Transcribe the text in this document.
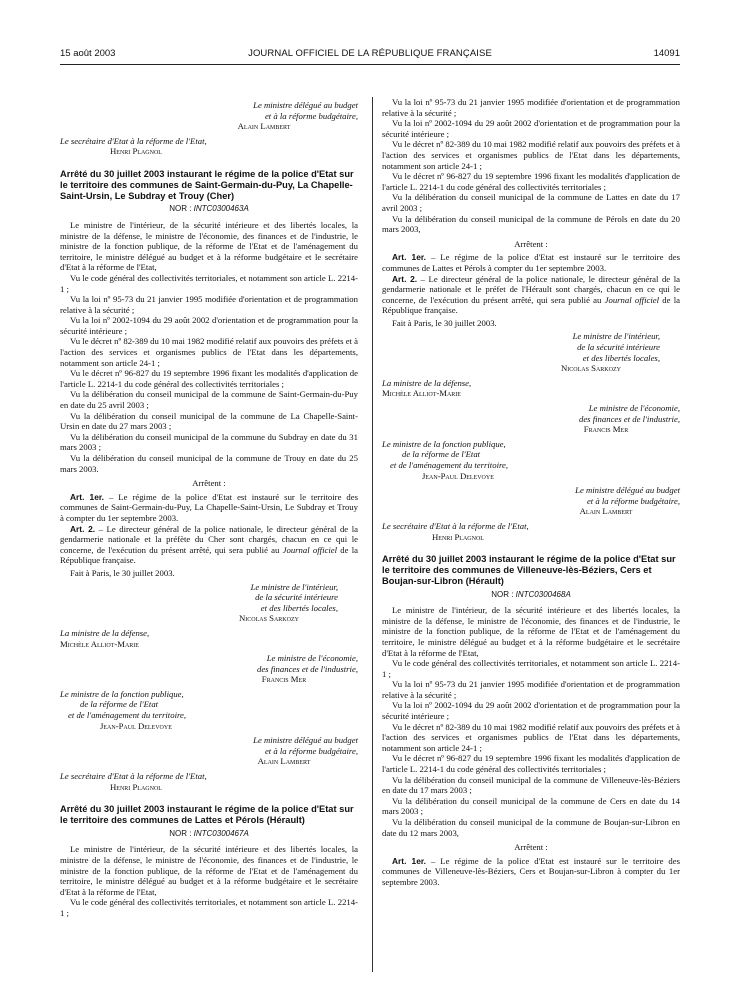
15 août 2003	JOURNAL OFFICIEL DE LA RÉPUBLIQUE FRANÇAISE	14091

Le ministre délégué au budget

et à la réforme budgétaire,

Alain Lambert

Le secrétaire d'Etat à la réforme de l'Etat,

Henri Plagnol

Arrêté du 30 juillet 2003 instaurant le régime de la police d'Etat sur le territoire des communes de Saint-Germain-du-Puy, La Chapelle-Saint-Ursin, Le Subdray et Trouy (Cher)

NOR : INTC0300463A

Le ministre de l'intérieur, de la sécurité intérieure et des libertés locales, la ministre de la défense, le ministre de l'économie, des finances et de l'industrie, le ministre de la fonction publique, de la réforme de l'Etat et de l'aménagement du territoire, le ministre délégué au budget et à la réforme budgétaire et le secrétaire d'Etat à la réforme de l'Etat,

Vu le code général des collectivités territoriales, et notamment son article L. 2214-1 ;

Vu la loi nº 95-73 du 21 janvier 1995 modifiée d'orientation et de programmation relative à la sécurité ;

Vu la loi nº 2002-1094 du 29 août 2002 d'orientation et de programmation pour la sécurité intérieure ;

Vu le décret nº 82-389 du 10 mai 1982 modifié relatif aux pouvoirs des préfets et à l'action des services et organismes publics de l'Etat dans les départements, notamment son article 24-1 ;

Vu le décret nº 96-827 du 19 septembre 1996 fixant les modalités d'application de l'article L. 2214-1 du code général des collectivités territoriales ;

Vu la délibération du conseil municipal de la commune de Saint-Germain-du-Puy en date du 25 avril 2003 ;

Vu la délibération du conseil municipal de la commune de La Chapelle-Saint-Ursin en date du 27 mars 2003 ;

Vu la délibération du conseil municipal de la commune du Subdray en date du 31 mars 2003 ;

Vu la délibération du conseil municipal de la commune de Trouy en date du 25 mars 2003.

Arrêtent :

Art. 1er. – Le régime de la police d'Etat est instauré sur le territoire des communes de Saint-Germain-du-Puy, La Chapelle-Saint-Ursin, Le Subdray et Trouy à compter du 1er septembre 2003.

Art. 2. – Le directeur général de la police nationale, le directeur général de la gendarmerie nationale et la préfète du Cher sont chargés, chacun en ce qui le concerne, de l'exécution du présent arrêté, qui sera publié au Journal officiel de la République française.

Fait à Paris, le 30 juillet 2003.

Le ministre de l'intérieur,

de la sécurité intérieure

et des libertés locales,

Nicolas Sarkozy

La ministre de la défense,

Michèle Alliot-Marie

Le ministre de l'économie,

des finances et de l'industrie,

Francis Mer

Le ministre de la fonction publique,

de la réforme de l'Etat

et de l'aménagement du territoire,

Jean-Paul Delevoye

Le ministre délégué au budget

et à la réforme budgétaire,

Alain Lambert

Le secrétaire d'Etat à la réforme de l'Etat,

Henri Plagnol

Arrêté du 30 juillet 2003 instaurant le régime de la police d'Etat sur le territoire des communes de Lattes et Pérols (Hérault)

NOR : INTC0300467A

Le ministre de l'intérieur, de la sécurité intérieure et des libertés locales, la ministre de la défense, le ministre de l'économie, des finances et de l'industrie, le ministre de la fonction publique, de la réforme de l'Etat et de l'aménagement du territoire, le ministre délégué au budget et à la réforme budgétaire et le secrétaire d'Etat à la réforme de l'Etat,

Vu le code général des collectivités territoriales, et notamment son article L. 2214-1 ;

Vu la loi nº 95-73 du 21 janvier 1995 modifiée d'orientation et de programmation relative à la sécurité ;

Vu la loi nº 2002-1094 du 29 août 2002 d'orientation et de programmation pour la sécurité intérieure ;

Vu le décret nº 82-389 du 10 mai 1982 modifié relatif aux pouvoirs des préfets et à l'action des services et organismes publics de l'Etat dans les départements, notamment son article 24-1 ;

Vu le décret nº 96-827 du 19 septembre 1996 fixant les modalités d'application de l'article L. 2214-1 du code général des collectivités territoriales ;

Vu la délibération du conseil municipal de la commune de Lattes en date du 17 avril 2003 ;

Vu la délibération du conseil municipal de la commune de Pérols en date du 20 mars 2003,

Arrêtent :

Art. 1er. – Le régime de la police d'Etat est instauré sur le territoire des communes de Lattes et Pérols à compter du 1er septembre 2003.

Art. 2. – Le directeur général de la police nationale, le directeur général de la gendarmerie nationale et le préfet de l'Hérault sont chargés, chacun en ce qui le concerne, de l'exécution du présent arrêté, qui sera publié au Journal officiel de la République française.

Fait à Paris, le 30 juillet 2003.

Le ministre de l'intérieur,

de la sécurité intérieure

et des libertés locales,

Nicolas Sarkozy

La ministre de la défense,

Michèle Alliot-Marie

Le ministre de l'économie,

des finances et de l'industrie,

Francis Mer

Le ministre de la fonction publique,

de la réforme de l'Etat

et de l'aménagement du territoire,

Jean-Paul Delevoye

Le ministre délégué au budget

et à la réforme budgétaire,

Alain Lambert

Le secrétaire d'Etat à la réforme de l'Etat,

Henri Plagnol

Arrêté du 30 juillet 2003 instaurant le régime de la police d'Etat sur le territoire des communes de Villeneuve-lès-Béziers, Cers et Boujan-sur-Libron (Hérault)

NOR : INTC0300468A

Le ministre de l'intérieur, de la sécurité intérieure et des libertés locales, la ministre de la défense, le ministre de l'économie, des finances et de l'industrie, le ministre de la fonction publique, de la réforme de l'Etat et de l'aménagement du territoire, le ministre délégué au budget et à la réforme budgétaire et le secrétaire d'Etat à la réforme de l'Etat,

Vu le code général des collectivités territoriales, et notamment son article L. 2214-1 ;

Vu la loi nº 95-73 du 21 janvier 1995 modifiée d'orientation et de programmation relative à la sécurité ;

Vu la loi nº 2002-1094 du 29 août 2002 d'orientation et de programmation pour la sécurité intérieure ;

Vu le décret nº 82-389 du 10 mai 1982 modifié relatif aux pouvoirs des préfets et à l'action des services et organismes publics de l'Etat dans les départements, notamment son article 24-1 ;

Vu le décret nº 96-827 du 19 septembre 1996 fixant les modalités d'application de l'article L. 2214-1 du code général des collectivités territoriales ;

Vu la délibération du conseil municipal de la commune de Villeneuve-lès-Béziers en date du 17 mars 2003 ;

Vu la délibération du conseil municipal de la commune de Cers en date du 14 mars 2003 ;

Vu la délibération du conseil municipal de la commune de Boujan-sur-Libron en date du 12 mars 2003,

Arrêtent :

Art. 1er. – Le régime de la police d'Etat est instauré sur le territoire des communes de Villeneuve-lès-Béziers, Cers et Boujan-sur-Libron à compter du 1er septembre 2003.
